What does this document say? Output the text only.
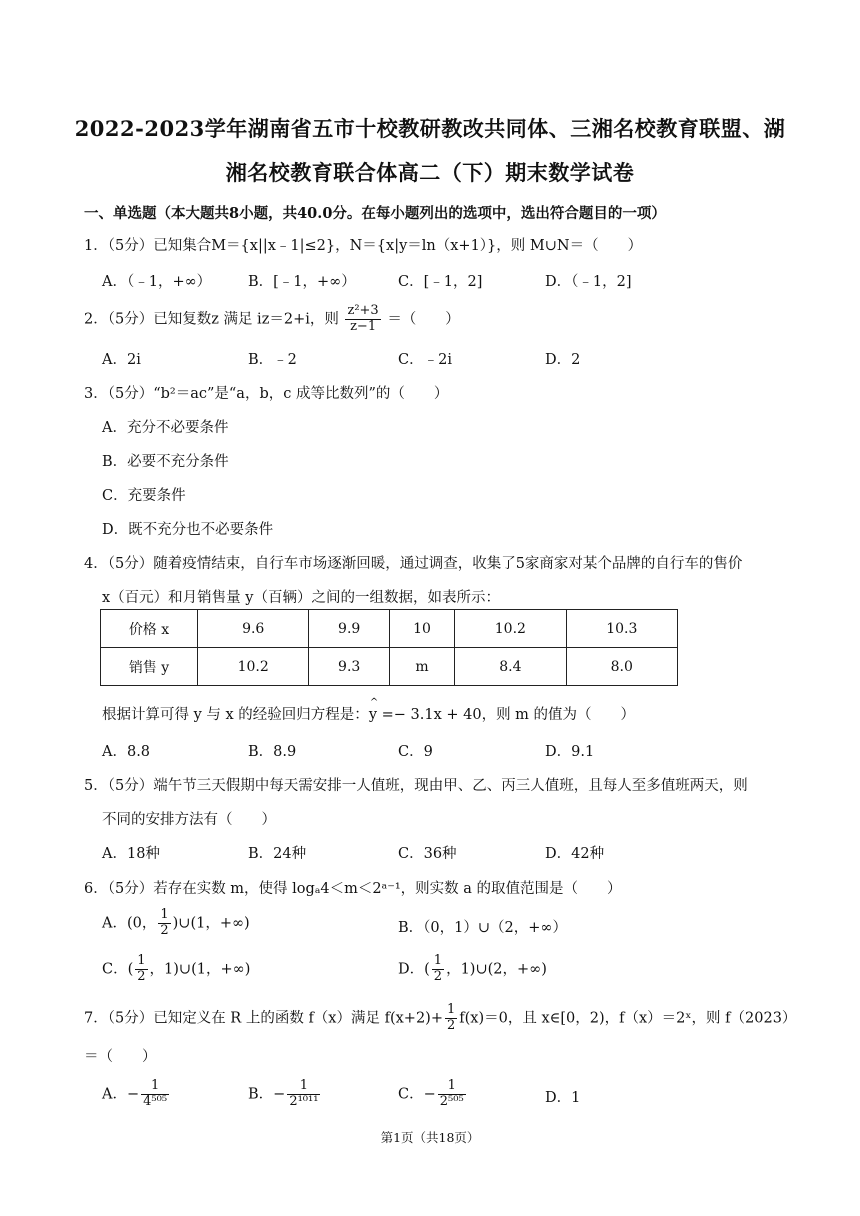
2022-2023学年湖南省五市十校教研教改共同体、三湘名校教育联盟、湖
湘名校教育联合体高二（下）期末数学试卷
一、单选题（本大题共8小题，共40.0分。在每小题列出的选项中，选出符合题目的一项）
1．（5分）已知集合M＝{x||x﹣1|≤2}，N＝{x|y＝ln（x+1）}，则 M∪N＝（　　）
A．（﹣1，+∞）	B．[﹣1，+∞）	C．[﹣1，2]	D．（﹣1，2]
2．（5分）已知复数z 满足 iz＝2+i，则 $\frac{\text{z²+3}}{z-1}$ ＝（　　）
A．2i	B．﹣2	C．﹣2i	D．2
3．（5分）“b²＝ac”是“a，b，c 成等比数列”的（　　）
A．充分不必要条件
B．必要不充分条件
C．充要条件
D．既不充分也不必要条件
4．（5分）随着疫情结束，自行车市场逐渐回暖，通过调查，收集了5家商家对某个品牌的自行车的售价
x（百元）和月销售量 y（百辆）之间的一组数据，如表所示：
价格 x	9.6	9.9	10	10.2	10.3
销售 y	10.2	9.3	m	8.4	8.0
根据计算可得 y 与 x 的经验回归方程是：^ y =− 3.1x + 40，则 m 的值为（　　）
A．8.8	B．8.9	C．9	D．9.1
5．（5分）端午节三天假期中每天需安排一人值班，现由甲、乙、丙三人值班，且每人至多值班两天，则
不同的安排方法有（　　）
A．18种	B．24种	C．36种	D．42种
6．（5分）若存在实数 m，使得 logₐ4＜m＜2ᵃ⁻¹，则实数 a 的取值范围是（　　）
A．(0， $\frac{1}{2}$ )∪(1，+∞)	B．（0，1）∪（2，+∞）
C．( $\frac{1}{2}$ ，1)∪(1，+∞)	D．( $\frac{1}{2}$ ，1)∪(2，+∞)
7．（5分）已知定义在 R 上的函数 f（x）满足 $f(x+2)+ \frac{1}{2} f(x)=0$，且 x∈[0，2)，f（x）＝2ˣ，则 f（2023）
＝（　　）
A．− $\frac{1}{\text{4⁵⁰⁵}}$	B．− $\frac{1}{\text{2¹⁰¹¹}}$	C．− $\frac{1}{\text{2⁵⁰⁵}}$	D．1
第1页（共18页）
